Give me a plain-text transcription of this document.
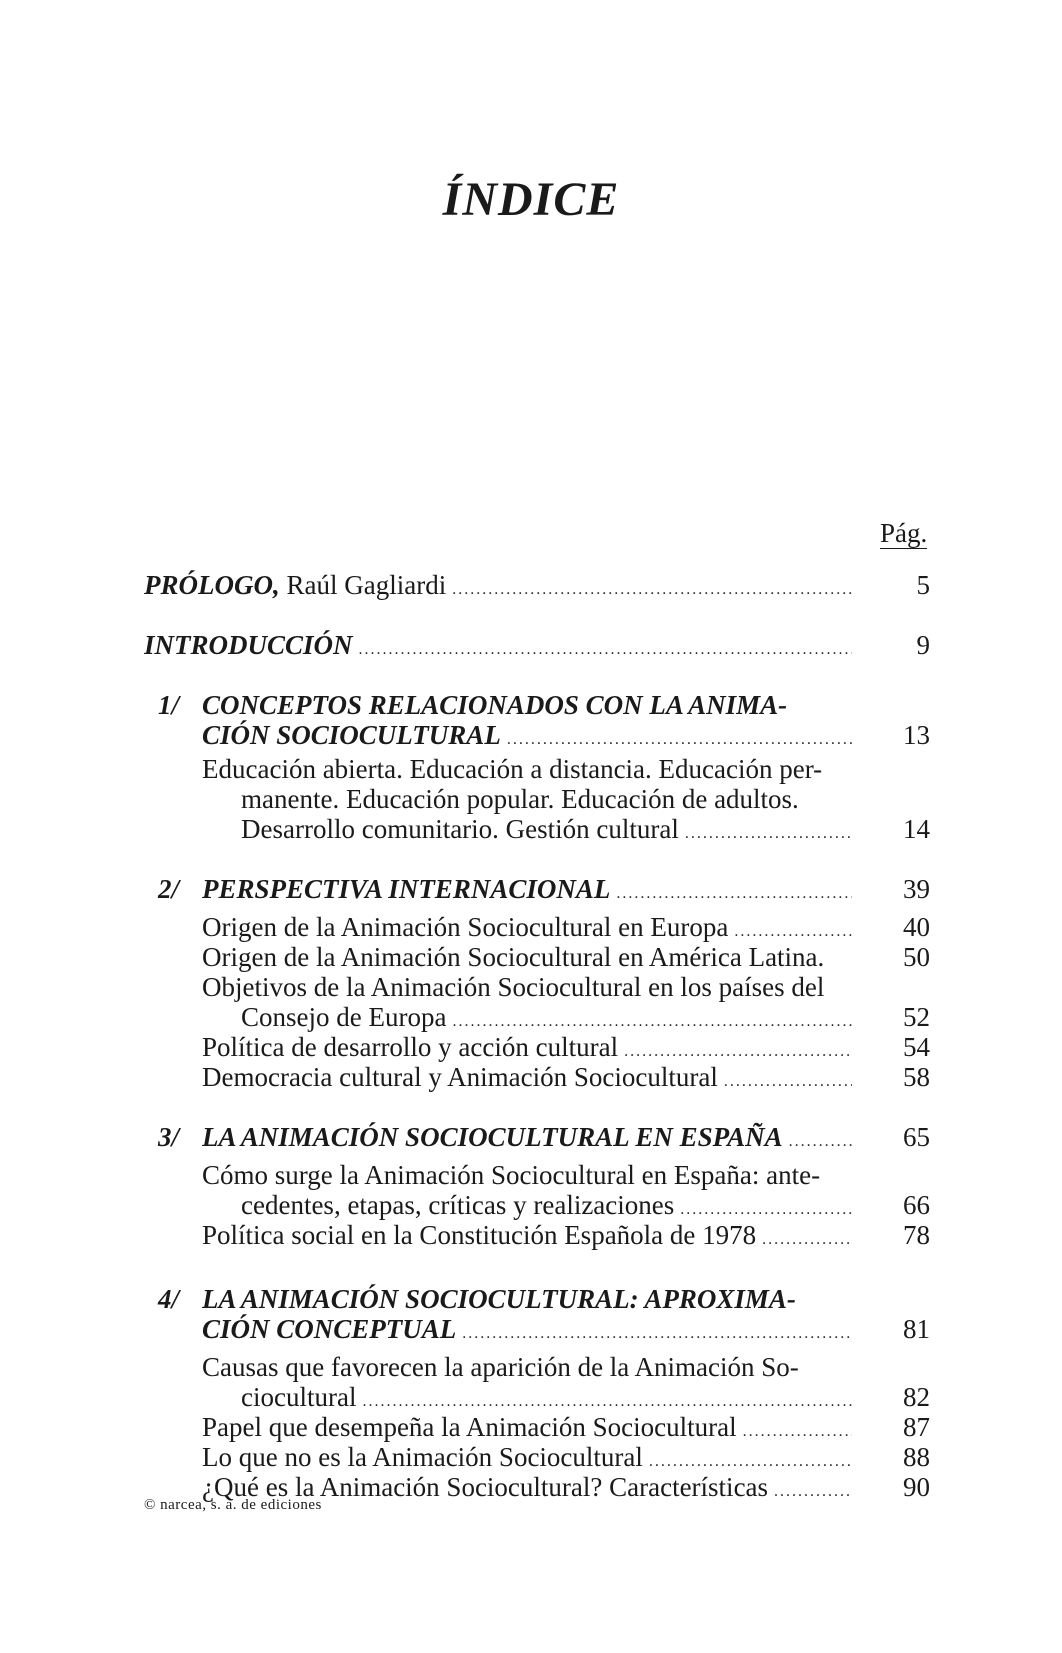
ÍNDICE
Pág.
PRÓLOGO, Raúl Gagliardi . . .	5
INTRODUCCIÓN . . .	9
1/ CONCEPTOS RELACIONADOS CON LA ANIMA-
CIÓN SOCIOCULTURAL . . .	13
Educación abierta. Educación a distancia. Educación per-
manente. Educación popular. Educación de adultos.
Desarrollo comunitario. Gestión cultural . . .	14
2/ PERSPECTIVA INTERNACIONAL . . .	39
Origen de la Animación Sociocultural en Europa . . .	40
Origen de la Animación Sociocultural en América Latina.	50
Objetivos de la Animación Sociocultural en los países del
Consejo de Europa . . .	52
Política de desarrollo y acción cultural . . .	54
Democracia cultural y Animación Sociocultural . . .	58
3/ LA ANIMACIÓN SOCIOCULTURAL EN ESPAÑA . . .	65
Cómo surge la Animación Sociocultural en España: ante-
cedentes, etapas, críticas y realizaciones . . .	66
Política social en la Constitución Española de 1978 . . .	78
4/ LA ANIMACIÓN SOCIOCULTURAL: APROXIMA-
CIÓN CONCEPTUAL . . .	81
Causas que favorecen la aparición de la Animación So-
ciocultural . . .	82
Papel que desempeña la Animación Sociocultural . . .	87
Lo que no es la Animación Sociocultural . . .	88
¿Qué es la Animación Sociocultural? Características . . .	90
© narcea, s. a. de ediciones
